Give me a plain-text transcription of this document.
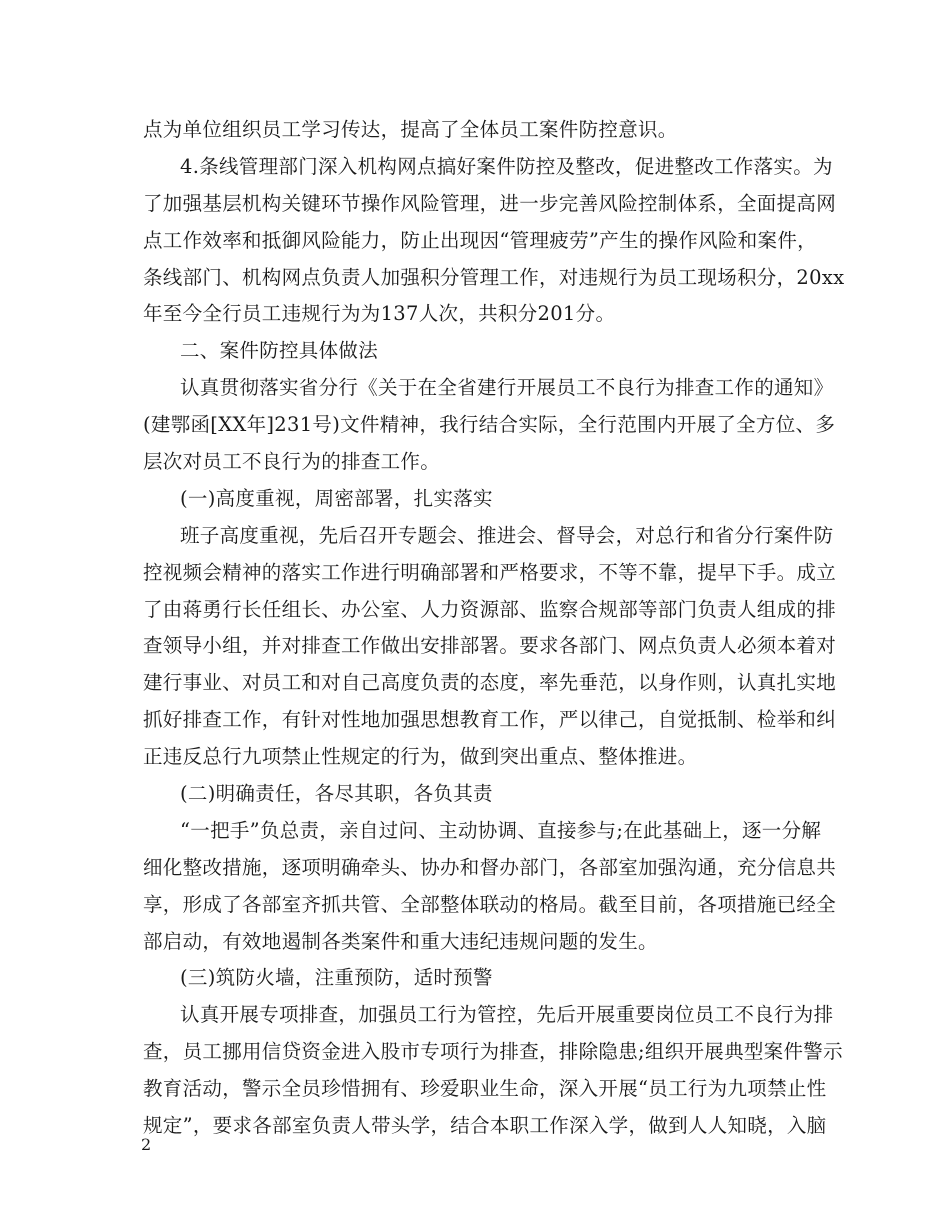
点为单位组织员工学习传达，提高了全体员工案件防控意识。
4.条线管理部门深入机构网点搞好案件防控及整改，促进整改工作落实。为
了加强基层机构关键环节操作风险管理，进一步完善风险控制体系，全面提高网
点工作效率和抵御风险能力，防止出现因“管理疲劳”产生的操作风险和案件，
条线部门、机构网点负责人加强积分管理工作，对违规行为员工现场积分，20xx
年至今全行员工违规行为为137人次，共积分201分。
二、案件防控具体做法
认真贯彻落实省分行《关于在全省建行开展员工不良行为排查工作的通知》
(建鄂函[XX年]231号)文件精神，我行结合实际，全行范围内开展了全方位、多
层次对员工不良行为的排查工作。
(一)高度重视，周密部署，扎实落实
班子高度重视，先后召开专题会、推进会、督导会，对总行和省分行案件防
控视频会精神的落实工作进行明确部署和严格要求，不等不靠，提早下手。成立
了由蒋勇行长任组长、办公室、人力资源部、监察合规部等部门负责人组成的排
查领导小组，并对排查工作做出安排部署。要求各部门、网点负责人必须本着对
建行事业、对员工和对自己高度负责的态度，率先垂范，以身作则，认真扎实地
抓好排查工作，有针对性地加强思想教育工作，严以律己，自觉抵制、检举和纠
正违反总行九项禁止性规定的行为，做到突出重点、整体推进。
(二)明确责任，各尽其职，各负其责
“一把手”负总责，亲自过问、主动协调、直接参与;在此基础上，逐一分解
细化整改措施，逐项明确牵头、协办和督办部门，各部室加强沟通，充分信息共
享，形成了各部室齐抓共管、全部整体联动的格局。截至目前，各项措施已经全
部启动，有效地遏制各类案件和重大违纪违规问题的发生。
(三)筑防火墙，注重预防，适时预警
认真开展专项排查，加强员工行为管控，先后开展重要岗位员工不良行为排
查，员工挪用信贷资金进入股市专项行为排查，排除隐患;组织开展典型案件警示
教育活动，警示全员珍惜拥有、珍爱职业生命，深入开展“员工行为九项禁止性
规定”，要求各部室负责人带头学，结合本职工作深入学，做到人人知晓，入脑
2
